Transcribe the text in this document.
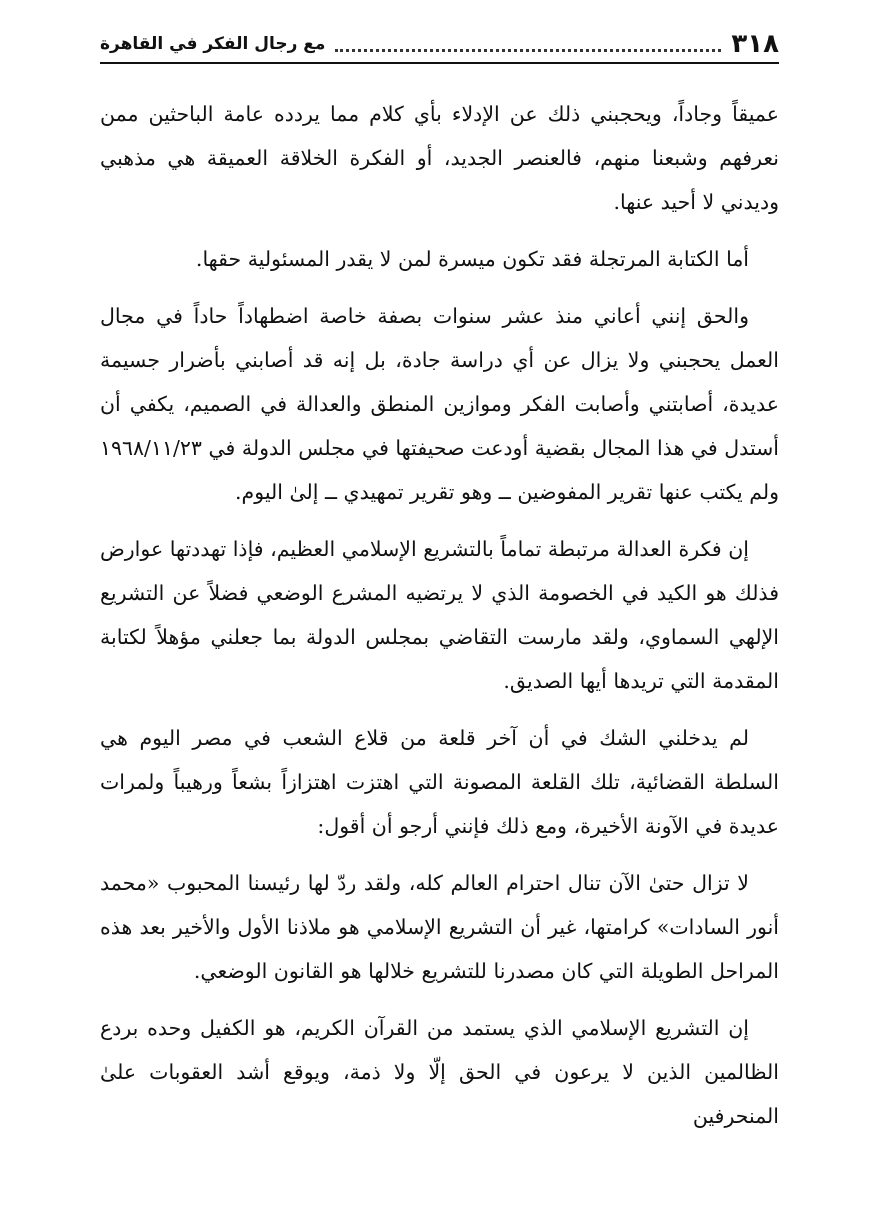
٣١٨
مع رجال الفكر في القاهرة

عميقاً وجاداً، ويحجبني ذلك عن الإدلاء بأي كلام مما يردده عامة الباحثين ممن نعرفهم وشبعنا منهم، فالعنصر الجديد، أو الفكرة الخلاقة العميقة هي مذهبي وديدني لا أحيد عنها.

أما الكتابة المرتجلة فقد تكون ميسرة لمن لا يقدر المسئولية حقها.

والحق إنني أعاني منذ عشر سنوات بصفة خاصة اضطهاداً حاداً في مجال العمل يحجبني ولا يزال عن أي دراسة جادة، بل إنه قد أصابني بأضرار جسيمة عديدة، أصابتني وأصابت الفكر وموازين المنطق والعدالة في الصميم، يكفي أن أستدل في هذا المجال بقضية أودعت صحيفتها في مجلس الدولة في ١٩٦٨/١١/٢٣ ولم يكتب عنها تقرير المفوضين ــ وهو تقرير تمهيدي ــ إلىٰ اليوم.

إن فكرة العدالة مرتبطة تماماً بالتشريع الإسلامي العظيم، فإذا تهددتها عوارض فذلك هو الكيد في الخصومة الذي لا يرتضيه المشرع الوضعي فضلاً عن التشريع الإلهي السماوي، ولقد مارست التقاضي بمجلس الدولة بما جعلني مؤهلاً لكتابة المقدمة التي تريدها أيها الصديق.

لم يدخلني الشك في أن آخر قلعة من قلاع الشعب في مصر اليوم هي السلطة القضائية، تلك القلعة المصونة التي اهتزت اهتزازاً بشعاً ورهيباً ولمرات عديدة في الآونة الأخيرة، ومع ذلك فإنني أرجو أن أقول:

لا تزال حتىٰ الآن تنال احترام العالم كله، ولقد ردّ لها رئيسنا المحبوب «محمد أنور السادات» كرامتها، غير أن التشريع الإسلامي هو ملاذنا الأول والأخير بعد هذه المراحل الطويلة التي كان مصدرنا للتشريع خلالها هو القانون الوضعي.

إن التشريع الإسلامي الذي يستمد من القرآن الكريم، هو الكفيل وحده بردع الظالمين الذين لا يرعون في الحق إلّا ولا ذمة، ويوقع أشد العقوبات علىٰ المنحرفين
